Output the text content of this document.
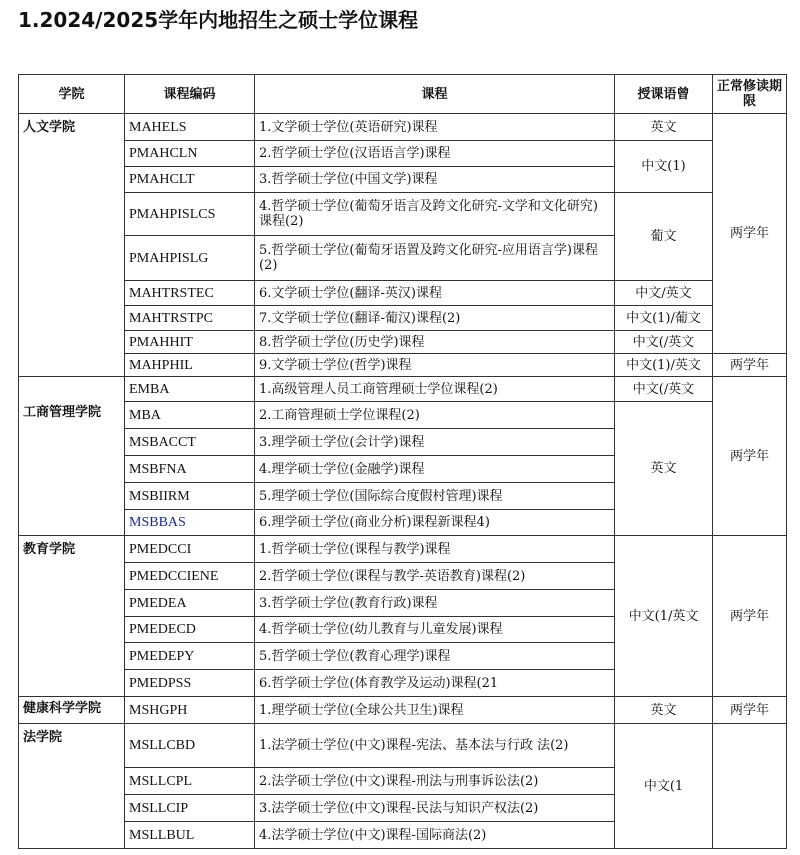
1.2024/2025学年内地招生之硕士学位课程
学院	课程编码	课程	授课语曾	正常修读期限
人文学院	MAHELS	1.文学硕士学位(英语研究)课程	英文	两学年
	PMAHCLN	2.哲学硕士学位(汉语语言学)课程	中文(1)	
	PMAHCLT	3.哲学硕士学位(中国文学)课程		
	PMAHPISLCS	4.哲学硕士学位(葡萄牙语言及跨文化研究-文学和文化研究)课程(2)	葡文	
	PMAHPISLG	5.哲学硕士学位(葡萄牙语置及跨文化研究-应用语言学)课程(2)		
	MAHTRSTEC	6.文学硕士学位(翻译-英汉)课程	中文/英文	
	MAHTRSTPC	7.文学硕士学位(翻译-葡汉)课程(2)	中文(1)/葡文	
	PMAHHIT	8.哲学硕士学位(历史学)课程	中文(/英文	
	MAHPHIL	9.文学硕士学位(哲学)课程	中文(1)/英文	两学年
工商管理学院	EMBA	1.高级管理人员工商管理硕士学位课程(2)	中文(/英文	两学年
	MBA	2.工商管理硕士学位课程(2)	英文	
	MSBACCT	3.理学硕士学位(会计学)课程		
	MSBFNA	4.理学硕士学位(金融学)课程		
	MSBIIRM	5.理学硕士学位(国际综合度假村管理)课程		
	MSBBAS	6.理学硕士学位(商业分析)课程新课程4)		
教育学院	PMEDCCI	1.哲学硕士学位(课程与教学)课程	中文(1/英文	两学年
	PMEDCCIENE	2.哲学硕士学位(课程与教学-英语教育)课程(2)		
	PMEDEA	3.哲学硕士学位(教育行政)课程		
	PMEDECD	4.哲学硕士学位(幼儿教育与儿童发展)课程		
	PMEDEPY	5.哲学硕士学位(教育心理学)课程		
	PMEDPSS	6.哲学硕士学位(体育教学及运动)课程(21		
健康科学学院	MSHGPH	1.理学硕士学位(全球公共卫生)课程	英文	两学年
法学院	MSLLCBD	1.法学硕士学位(中文)课程-宪法、基本法与行政 法(2)	中文(1	
	MSLLCPL	2.法学硕士学位(中文)课程-刑法与刑事诉讼法(2)		
	MSLLCIP	3.法学硕士学位(中文)课程-民法与知识产权法(2)		
	MSLLBUL	4.法学硕士学位(中文)课程-国际商法(2)		
